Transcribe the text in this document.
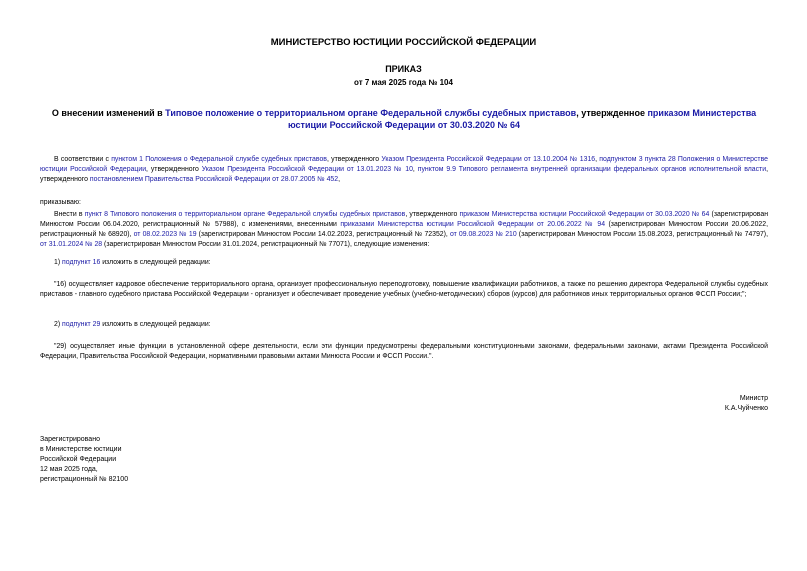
МИНИСТЕРСТВО ЮСТИЦИИ РОССИЙСКОЙ ФЕДЕРАЦИИ
ПРИКАЗ
от 7 мая 2025 года № 104
О внесении изменений в Типовое положение о территориальном органе Федеральной службы судебных приставов, утвержденное приказом Министерства юстиции Российской Федерации от 30.03.2020 № 64
В соответствии с пунктом 1 Положения о Федеральной службе судебных приставов, утвержденного Указом Президента Российской Федерации от 13.10.2004 № 1316, подпунктом 3 пункта 28 Положения о Министерстве юстиции Российской Федерации, утвержденного Указом Президента Российской Федерации от 13.01.2023 № 10, пунктом 9.9 Типового регламента внутренней организации федеральных органов исполнительной власти, утвержденного постановлением Правительства Российской Федерации от 28.07.2005 № 452,
приказываю:
Внести в пункт 8 Типового положения о территориальном органе Федеральной службы судебных приставов, утвержденного приказом Министерства юстиции Российской Федерации от 30.03.2020 № 64 (зарегистрирован Минюстом России 06.04.2020, регистрационный № 57988), с изменениями, внесенными приказами Министерства юстиции Российской Федерации от 20.06.2022 № 94 (зарегистрирован Минюстом России 20.06.2022, регистрационный № 68920), от 08.02.2023 № 19 (зарегистрирован Минюстом России 14.02.2023, регистрационный № 72352), от 09.08.2023 № 210 (зарегистрирован Минюстом России 15.08.2023, регистрационный № 74797), от 31.01.2024 № 28 (зарегистрирован Минюстом России 31.01.2024, регистрационный № 77071), следующие изменения:
1) подпункт 16 изложить в следующей редакции:
"16) осуществляет кадровое обеспечение территориального органа, организует профессиональную переподготовку, повышение квалификации работников, а также по решению директора Федеральной службы судебных приставов - главного судебного пристава Российской Федерации - организует и обеспечивает проведение учебных (учебно-методических) сборов (курсов) для работников иных территориальных органов ФССП России;";
2) подпункт 29 изложить в следующей редакции:
"29) осуществляет иные функции в установленной сфере деятельности, если эти функции предусмотрены федеральными конституционными законами, федеральными законами, актами Президента Российской Федерации, Правительства Российской Федерации, нормативными правовыми актами Минюста России и ФССП России.".
Министр
К.А.Чуйченко
Зарегистрировано
в Министерстве юстиции
Российской Федерации
12 мая 2025 года,
регистрационный № 82100
